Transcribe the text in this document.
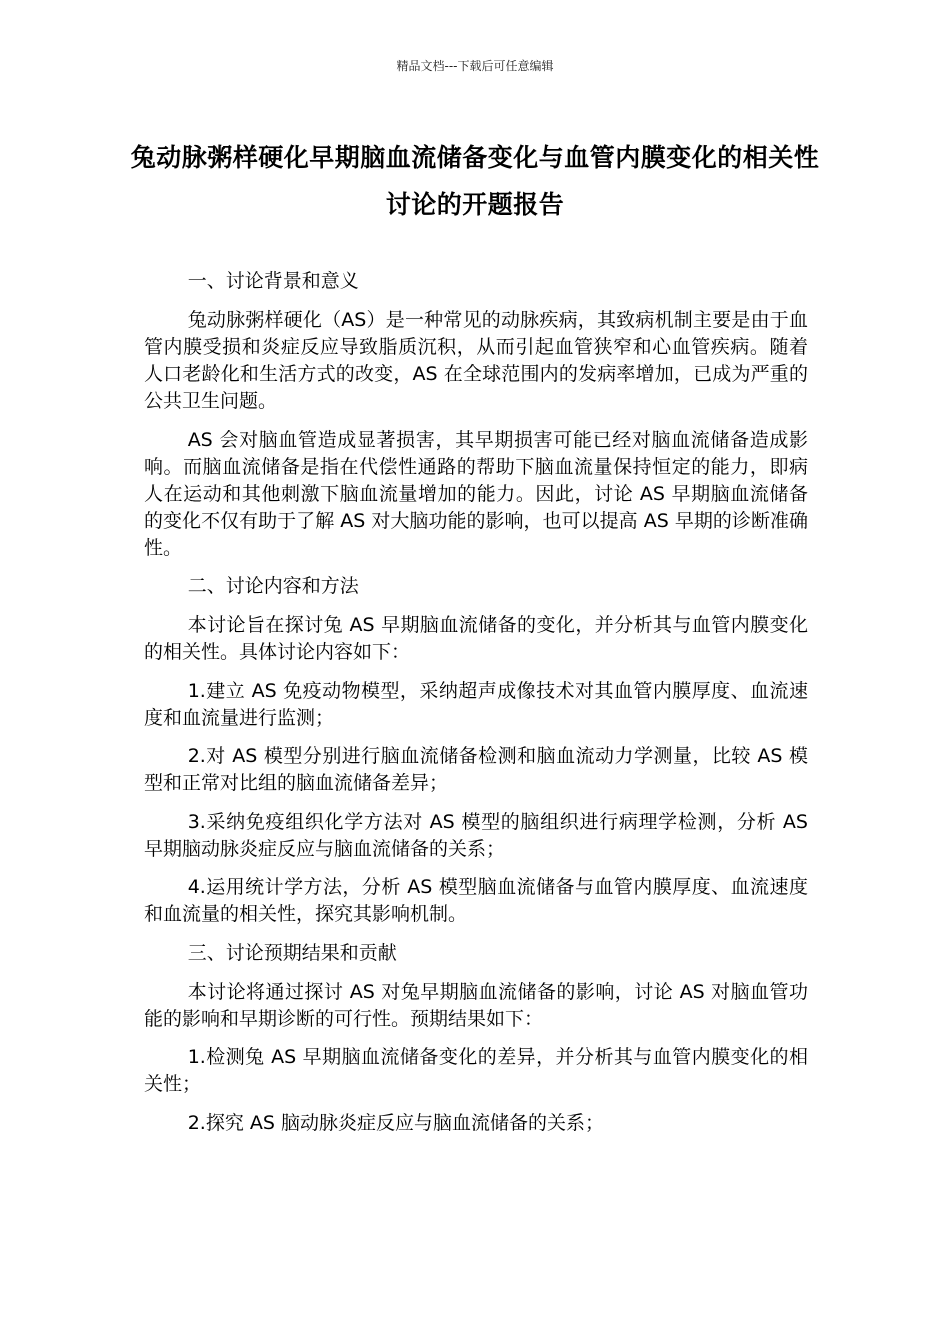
精品文档---下载后可任意编辑
兔动脉粥样硬化早期脑血流储备变化与血管内膜变化的相关性讨论的开题报告

一、讨论背景和意义

兔动脉粥样硬化（AS）是一种常见的动脉疾病，其致病机制主要是由于血管内膜受损和炎症反应导致脂质沉积，从而引起血管狭窄和心血管疾病。随着人口老龄化和生活方式的改变，AS 在全球范围内的发病率增加，已成为严重的公共卫生问题。

AS 会对脑血管造成显著损害，其早期损害可能已经对脑血流储备造成影响。而脑血流储备是指在代偿性通路的帮助下脑血流量保持恒定的能力，即病人在运动和其他刺激下脑血流量增加的能力。因此，讨论 AS 早期脑血流储备的变化不仅有助于了解 AS 对大脑功能的影响，也可以提高 AS 早期的诊断准确性。

二、讨论内容和方法

本讨论旨在探讨兔 AS 早期脑血流储备的变化，并分析其与血管内膜变化的相关性。具体讨论内容如下：

1.建立 AS 免疫动物模型，采纳超声成像技术对其血管内膜厚度、血流速度和血流量进行监测；

2.对 AS 模型分别进行脑血流储备检测和脑血流动力学测量，比较 AS 模型和正常对比组的脑血流储备差异；

3.采纳免疫组织化学方法对 AS 模型的脑组织进行病理学检测，分析 AS 早期脑动脉炎症反应与脑血流储备的关系；

4.运用统计学方法，分析 AS 模型脑血流储备与血管内膜厚度、血流速度和血流量的相关性，探究其影响机制。

三、讨论预期结果和贡献

本讨论将通过探讨 AS 对兔早期脑血流储备的影响，讨论 AS 对脑血管功能的影响和早期诊断的可行性。预期结果如下：

1.检测兔 AS 早期脑血流储备变化的差异，并分析其与血管内膜变化的相关性；

2.探究 AS 脑动脉炎症反应与脑血流储备的关系；
